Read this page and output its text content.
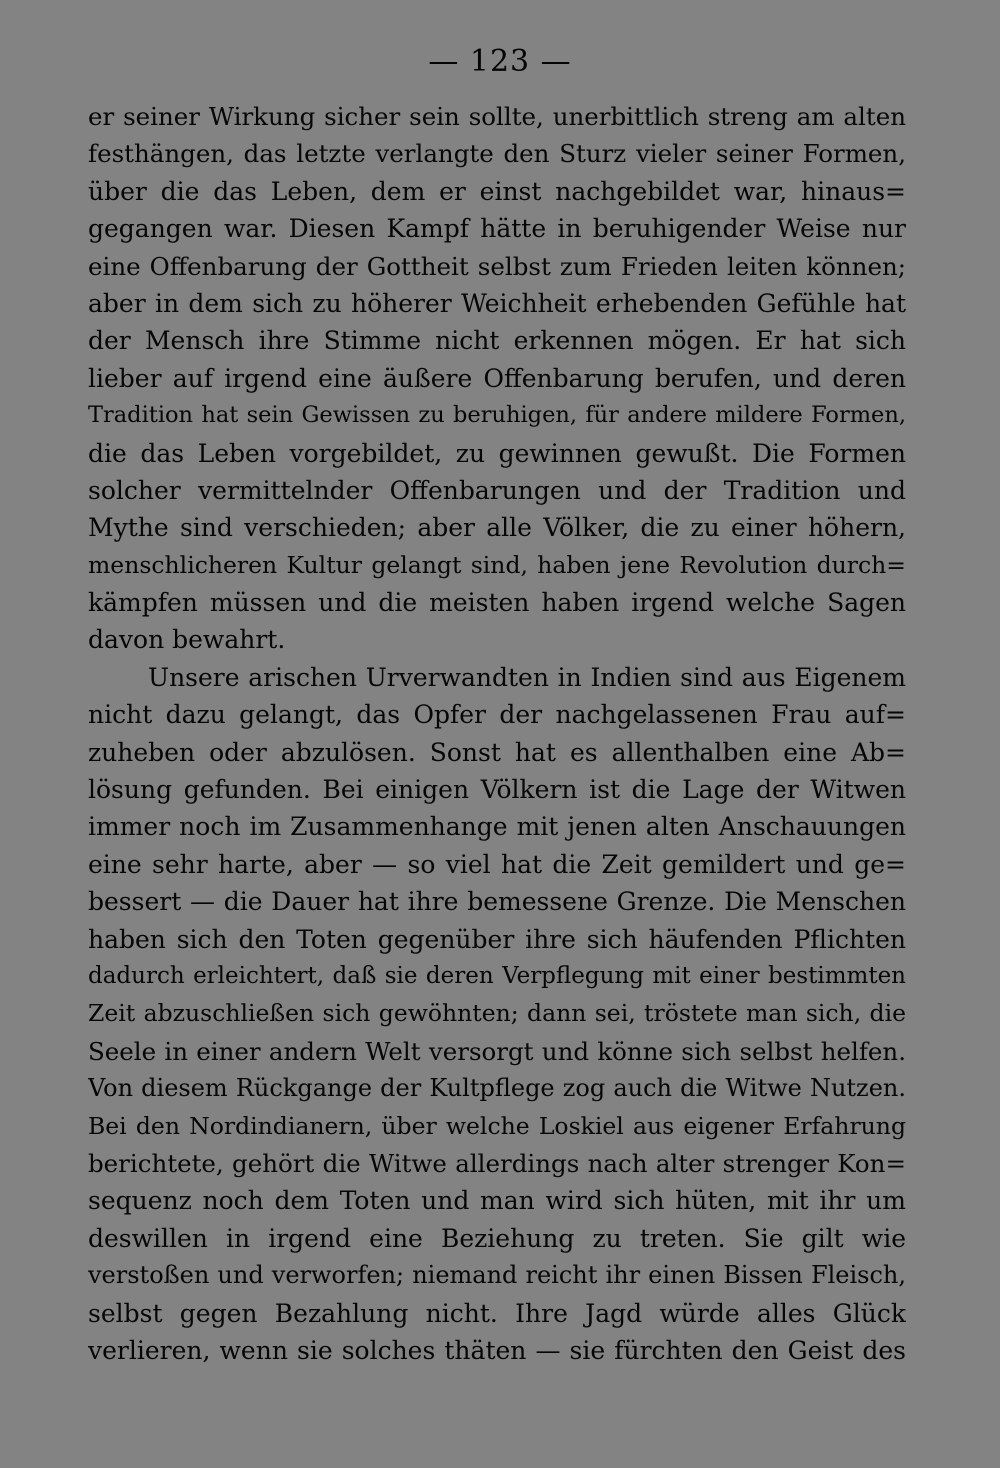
— 123 —
er seiner Wirkung sicher sein sollte, unerbittlich streng am alten
festhängen, das letzte verlangte den Sturz vieler seiner Formen,
über die das Leben, dem er einst nachgebildet war, hinaus=
gegangen war. Diesen Kampf hätte in beruhigender Weise nur
eine Offenbarung der Gottheit selbst zum Frieden leiten können;
aber in dem sich zu höherer Weichheit erhebenden Gefühle hat
der Mensch ihre Stimme nicht erkennen mögen. Er hat sich
lieber auf irgend eine äußere Offenbarung berufen, und deren
Tradition hat sein Gewissen zu beruhigen, für andere mildere Formen,
die das Leben vorgebildet, zu gewinnen gewußt. Die Formen
solcher vermittelnder Offenbarungen und der Tradition und
Mythe sind verschieden; aber alle Völker, die zu einer höhern,
menschlicheren Kultur gelangt sind, haben jene Revolution durch=
kämpfen müssen und die meisten haben irgend welche Sagen
davon bewahrt.
Unsere arischen Urverwandten in Indien sind aus Eigenem
nicht dazu gelangt, das Opfer der nachgelassenen Frau auf=
zuheben oder abzulösen. Sonst hat es allenthalben eine Ab=
lösung gefunden. Bei einigen Völkern ist die Lage der Witwen
immer noch im Zusammenhange mit jenen alten Anschauungen
eine sehr harte, aber — so viel hat die Zeit gemildert und ge=
bessert — die Dauer hat ihre bemessene Grenze. Die Menschen
haben sich den Toten gegenüber ihre sich häufenden Pflichten
dadurch erleichtert, daß sie deren Verpflegung mit einer bestimmten
Zeit abzuschließen sich gewöhnten; dann sei, tröstete man sich, die
Seele in einer andern Welt versorgt und könne sich selbst helfen.
Von diesem Rückgange der Kultpflege zog auch die Witwe Nutzen.
Bei den Nordindianern, über welche Loskiel aus eigener Erfahrung
berichtete, gehört die Witwe allerdings nach alter strenger Kon=
sequenz noch dem Toten und man wird sich hüten, mit ihr um
deswillen in irgend eine Beziehung zu treten. Sie gilt wie
verstoßen und verworfen; niemand reicht ihr einen Bissen Fleisch,
selbst gegen Bezahlung nicht. Ihre Jagd würde alles Glück
verlieren, wenn sie solches thäten — sie fürchten den Geist des
